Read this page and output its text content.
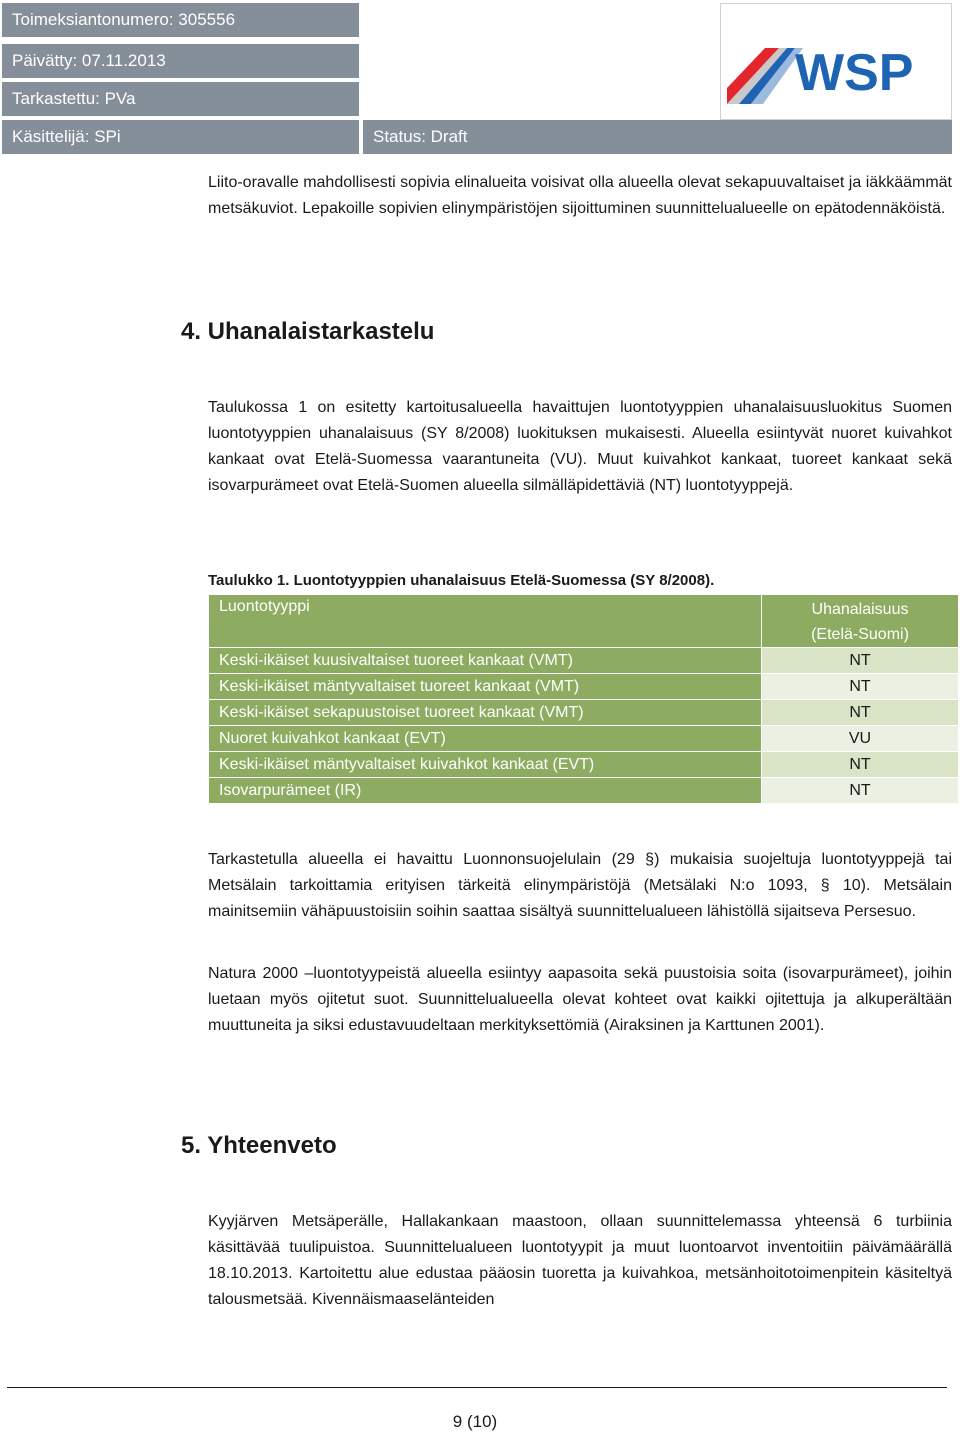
Toimeksiantonumero: 305556
Päivätty: 07.11.2013
Tarkastettu: PVa
Käsittelijä: SPi	Status: Draft
WSP

Liito-oravalle mahdollisesti sopivia elinalueita voisivat olla alueella olevat sekapuuvaltaiset ja iäkkäämmät metsäkuviot. Lepakoille sopivien elinympäristöjen sijoittuminen suunnittelualueelle on epätodennäköistä.

4. Uhanalaistarkastelu

Taulukossa 1 on esitetty kartoitusalueella havaittujen luontotyyppien uhanalaisuusluokitus Suomen luontotyyppien uhanalaisuus (SY 8/2008) luokituksen mukaisesti. Alueella esiintyvät nuoret kuivahkot kankaat ovat Etelä-Suomessa vaarantuneita (VU). Muut kuivahkot kankaat, tuoreet kankaat sekä isovarpurämeet ovat Etelä-Suomen alueella silmälläpidettäviä (NT) luontotyyppejä.

Taulukko 1. Luontotyyppien uhanalaisuus Etelä-Suomessa (SY 8/2008).
Luontotyyppi	Uhanalaisuus
(Etelä-Suomi)
Keski-ikäiset kuusivaltaiset tuoreet kankaat (VMT)	NT
Keski-ikäiset mäntyvaltaiset tuoreet kankaat (VMT)	NT
Keski-ikäiset sekapuustoiset tuoreet kankaat (VMT)	NT
Nuoret kuivahkot kankaat (EVT)	VU
Keski-ikäiset mäntyvaltaiset kuivahkot kankaat (EVT)	NT
Isovarpurämeet (IR)	NT

Tarkastetulla alueella ei havaittu Luonnonsuojelulain (29 §) mukaisia suojeltuja luontotyyppejä tai Metsälain tarkoittamia erityisen tärkeitä elinympäristöjä (Metsälaki N:o 1093, § 10). Metsälain mainitsemiin vähäpuustoisiin soihin saattaa sisältyä suunnittelualueen lähistöllä sijaitseva Persesuo.

Natura 2000 –luontotyypeistä alueella esiintyy aapasoita sekä puustoisia soita (isovarpurämeet), joihin luetaan myös ojitetut suot. Suunnittelualueella olevat kohteet ovat kaikki ojitettuja ja alkuperältään muuttuneita ja siksi edustavuudeltaan merkityksettömiä (Airaksinen ja Karttunen 2001).

5. Yhteenveto

Kyyjärven Metsäperälle, Hallakankaan maastoon, ollaan suunnittelemassa yhteensä 6 turbiinia käsittävää tuulipuistoa. Suunnittelualueen luontotyypit ja muut luontoarvot inventoitiin päivämäärällä 18.10.2013. Kartoitettu alue edustaa pääosin tuoretta ja kuivahkoa, metsänhoitotoimenpitein käsiteltyä talousmetsää. Kivennäismaaselänteiden

9 (10)
